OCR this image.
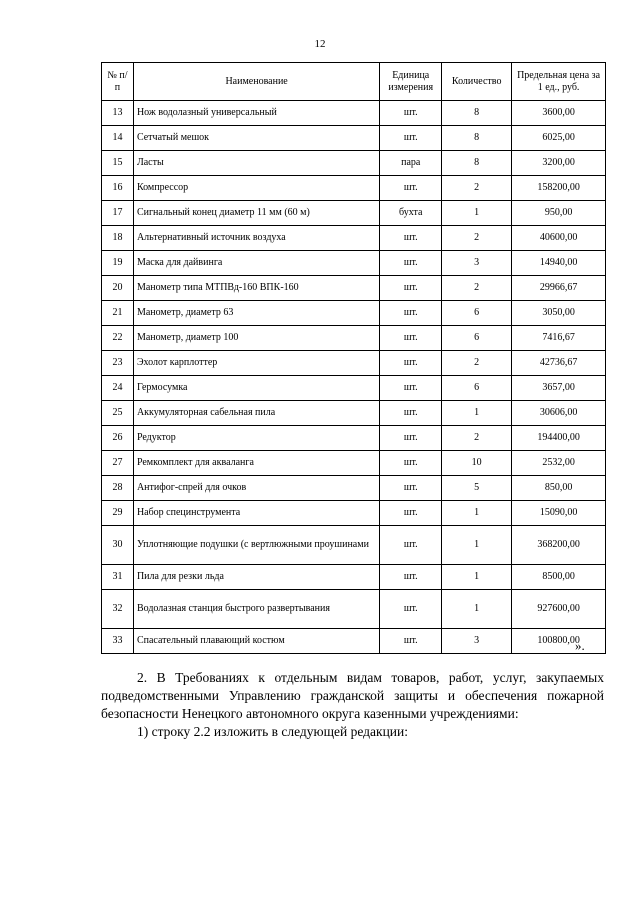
12
№ п/п	Наименование	Единица измерения	Количество	Предельная цена за 1 ед., руб.
13	Нож водолазный универсальный	шт.	8	3600,00
14	Сетчатый мешок	шт.	8	6025,00
15	Ласты	пара	8	3200,00
16	Компрессор	шт.	2	158200,00
17	Сигнальный конец диаметр 11 мм (60 м)	бухта	1	950,00
18	Альтернативный источник воздуха	шт.	2	40600,00
19	Маска для дайвинга	шт.	3	14940,00
20	Манометр типа МТПВд-160 ВПК-160	шт.	2	29966,67
21	Манометр, диаметр 63	шт.	6	3050,00
22	Манометр, диаметр 100	шт.	6	7416,67
23	Эхолот карплоттер	шт.	2	42736,67
24	Гермосумка	шт.	6	3657,00
25	Аккумуляторная сабельная пила	шт.	1	30606,00
26	Редуктор	шт.	2	194400,00
27	Ремкомплект для акваланга	шт.	10	2532,00
28	Антифог-спрей для очков	шт.	5	850,00
29	Набор специнструмента	шт.	1	15090,00
30	Уплотняющие подушки (с вертлюжными проушинами	шт.	1	368200,00
31	Пила для резки льда	шт.	1	8500,00
32	Водолазная станция быстрого развертывания	шт.	1	927600,00
33	Спасательный плавающий костюм	шт.	3	100800,00
».

2. В Требованиях к отдельным видам товаров, работ, услуг, закупаемых подведомственными Управлению гражданской защиты и обеспечения пожарной безопасности Ненецкого автономного округа казенными учреждениями:

1) строку 2.2 изложить в следующей редакции:
